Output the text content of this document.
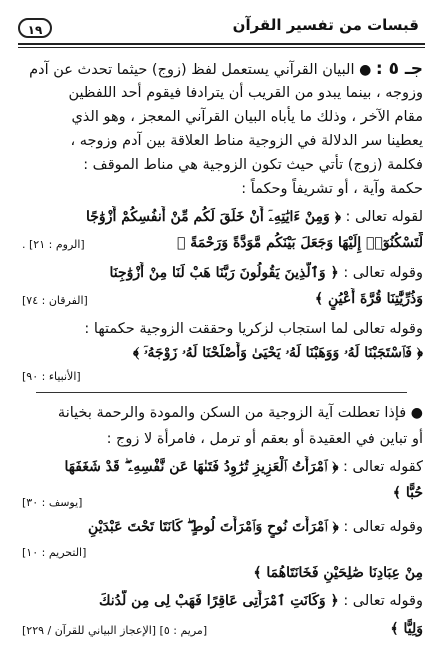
قبسات من تفسير القرآن
١٩
جـ ٥ : ● البيان القرآني يستعمل لفظ (زوج) حيثما تحدث عن آدم
وزوجه ، بينما يبدو من القريب أن يترادفا فيقوم أحد اللفظين
مقام الآخر ، وذلك ما يأباه البيان القرآني المعجز ، وهو الذي
يعطينا سر الدلالة في الزوجية مناط العلاقة بين آدم وزوجه ،
فكلمة (زوج) تأتي حيث تكون الزوجية هي مناط الموقف :
حكمة وآية ، أو تشريفاً وحكماً :
لقوله تعالى : ﴿ وَمِنْ ءَايَٰتِهِۦٓ أَنْ خَلَقَ لَكُم مِّنْ أَنفُسِكُمْ أَزْوَٰجًا
لِّتَسْكُنُوٓا۟ إِلَيْهَا وَجَعَلَ بَيْنَكُم مَّوَدَّةً وَرَحْمَةً ﴾
[الروم : ٢١] .
وقوله تعالى : ﴿ وَٱلَّذِينَ يَقُولُونَ رَبَّنَا هَبْ لَنَا مِنْ أَزْوَٰجِنَا
وَذُرِّيَّٰتِنَا قُرَّةَ أَعْيُنٍ ﴾
[الفرقان : ٧٤]
وقوله تعالى لما استجاب لزكريا وحققت الزوجية حكمتها :
﴿ فَٱسْتَجَبْنَا لَهُۥ وَوَهَبْنَا لَهُۥ يَحْيَىٰ وَأَصْلَحْنَا لَهُۥ زَوْجَهُۥٓ ﴾
[الأنبياء : ٩٠]
● فإذا تعطلت آية الزوجية من السكن والمودة والرحمة بخيانة
أو تباين في العقيدة أو بعقم أو ترمل ، فامرأة لا زوج :
كقوله تعالى : ﴿ ٱمْرَأَتُ ٱلْعَزِيزِ تُرَٰوِدُ فَتَىٰهَا عَن نَّفْسِهِۦ ۖ قَدْ شَغَفَهَا
حُبًّا ﴾
[يوسف : ٣٠]
وقوله تعالى : ﴿ ٱمْرَأَتَ نُوحٍ وَٱمْرَأَتَ لُوطٍ ۖ كَانَتَا تَحْتَ عَبْدَيْنِ
[التحريم : ١٠]
مِنْ عِبَادِنَا صَٰلِحَيْنِ فَخَانَتَاهُمَا ﴾
وقوله تعالى : ﴿ وَكَانَتِ ٱمْرَأَتِى عَاقِرًا فَهَبْ لِى مِن لَّدُنكَ
وَلِيًّا ﴾
[مريم : ٥] [الإعجاز البياني للقرآن / ٢٢٩]
